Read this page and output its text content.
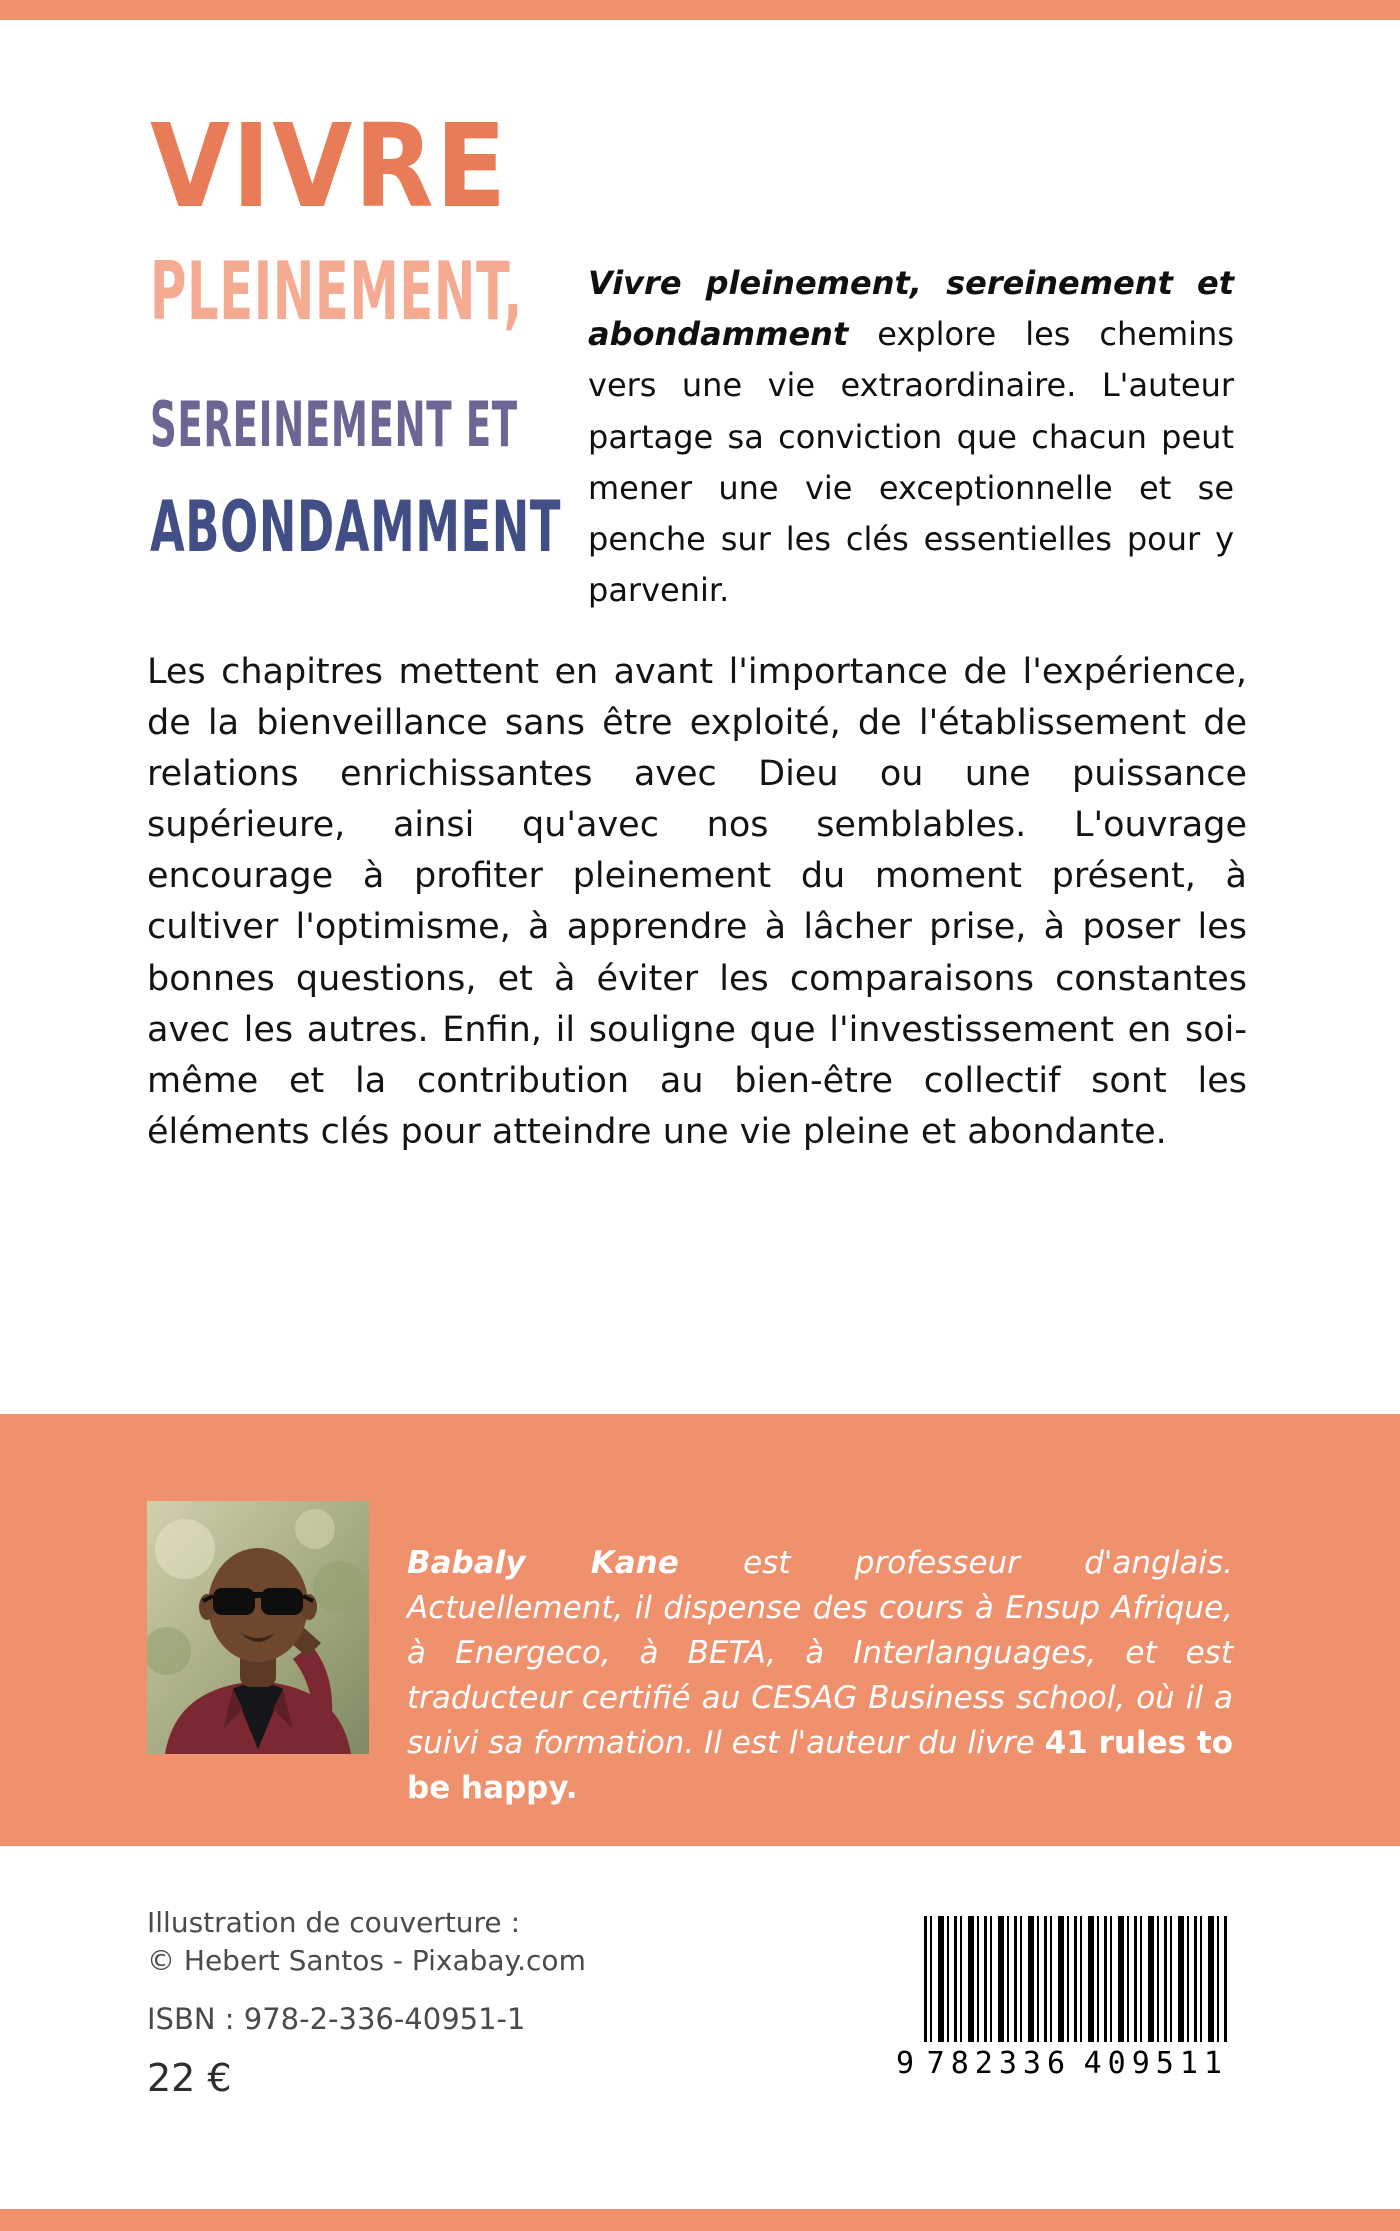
VIVRE
PLEINEMENT,
SEREINEMENT ET
ABONDAMMENT

Vivre pleinement, sereinement et abondamment explore les chemins vers une vie extraordinaire. L'auteur partage sa conviction que chacun peut mener une vie exceptionnelle et se penche sur les clés essentielles pour y parvenir.

Les chapitres mettent en avant l'importance de l'expérience, de la bienveillance sans être exploité, de l'établissement de relations enrichissantes avec Dieu ou une puissance supérieure, ainsi qu'avec nos semblables. L'ouvrage encourage à profiter pleinement du moment présent, à cultiver l'optimisme, à apprendre à lâcher prise, à poser les bonnes questions, et à éviter les comparaisons constantes avec les autres. Enfin, il souligne que l'investissement en soi-même et la contribution au bien-être collectif sont les éléments clés pour atteindre une vie pleine et abondante.

Babaly Kane est professeur d'anglais. Actuellement, il dispense des cours à Ensup Afrique, à Energeco, à BETA, à Interlanguages, et est traducteur certifié au CESAG Business school, où il a suivi sa formation. Il est l'auteur du livre 41 rules to be happy.

Illustration de couverture :
© Hebert Santos - Pixabay.com
ISBN : 978-2-336-40951-1
22 €	9 782336 409511
